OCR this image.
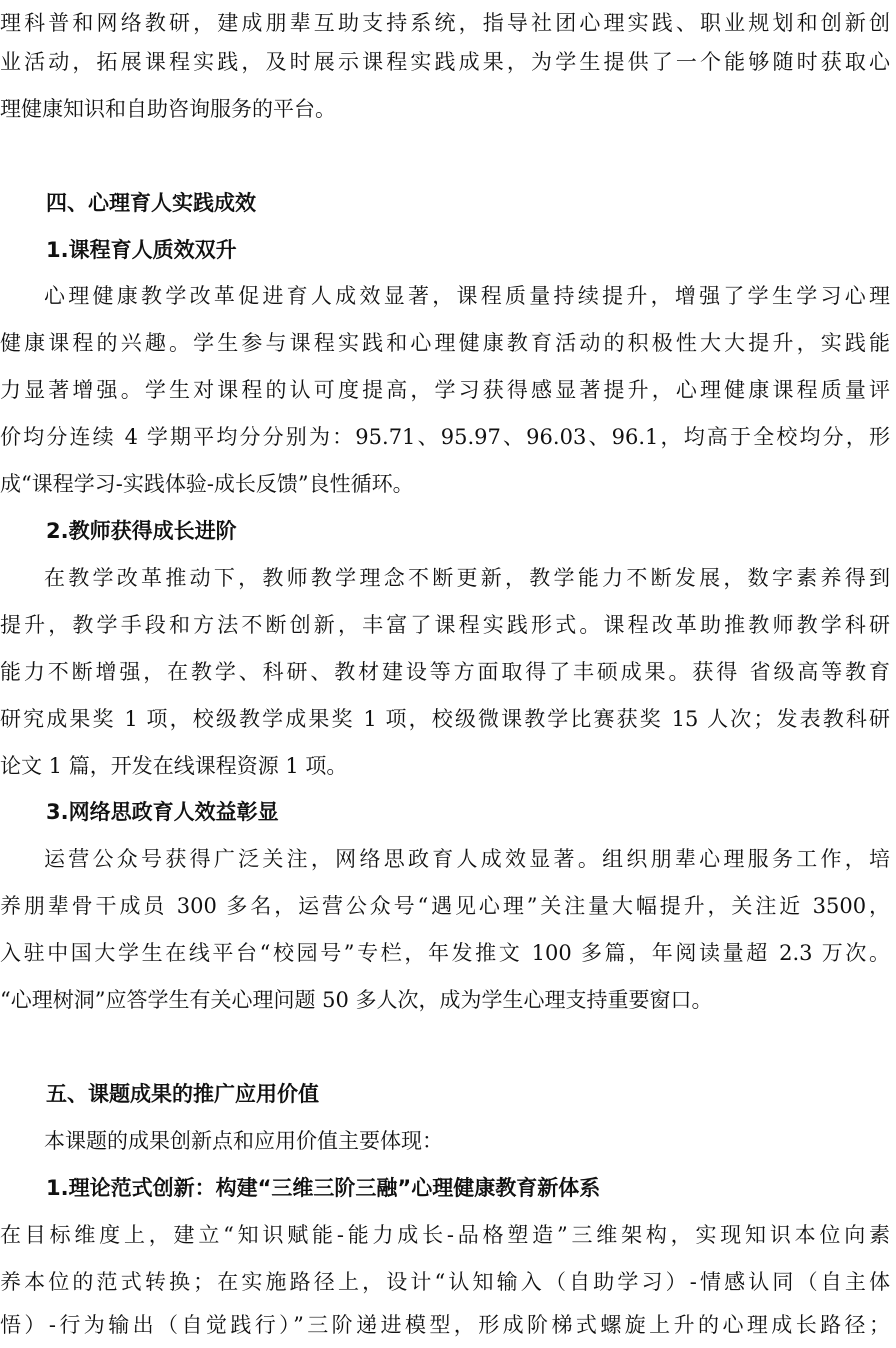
理科普和网络教研，建成朋辈互助支持系统，指导社团心理实践、职业规划和创新创
业活动，拓展课程实践，及时展示课程实践成果，为学生提供了一个能够随时获取心
理健康知识和自助咨询服务的平台。
四、心理育人实践成效
1.课程育人质效双升
心理健康教学改革促进育人成效显著，课程质量持续提升，增强了学生学习心理
健康课程的兴趣。学生参与课程实践和心理健康教育活动的积极性大大提升，实践能
力显著增强。学生对课程的认可度提高，学习获得感显著提升，心理健康课程质量评
价均分连续 4 学期平均分分别为：95.71、95.97、96.03、96.1，均高于全校均分，形
成“课程学习-实践体验-成长反馈”良性循环。
2.教师获得成长进阶
在教学改革推动下，教师教学理念不断更新，教学能力不断发展，数字素养得到
提升，教学手段和方法不断创新，丰富了课程实践形式。课程改革助推教师教学科研
能力不断增强，在教学、科研、教材建设等方面取得了丰硕成果。获得 省级高等教育
研究成果奖 1 项，校级教学成果奖 1 项，校级微课教学比赛获奖 15 人次；发表教科研
论文 1 篇，开发在线课程资源 1 项。
3.网络思政育人效益彰显
运营公众号获得广泛关注，网络思政育人成效显著。组织朋辈心理服务工作，培
养朋辈骨干成员 300 多名，运营公众号“遇见心理”关注量大幅提升，关注近 3500，
入驻中国大学生在线平台“校园号”专栏，年发推文 100 多篇，年阅读量超 2.3 万次。
“心理树洞”应答学生有关心理问题 50 多人次，成为学生心理支持重要窗口。
五、课题成果的推广应用价值
本课题的成果创新点和应用价值主要体现：
1.理论范式创新：构建“三维三阶三融”心理健康教育新体系
在目标维度上，建立“知识赋能-能力成长-品格塑造”三维架构，实现知识本位向素
养本位的范式转换；在实施路径上，设计“认知输入（自助学习）-情感认同（自主体
悟）-行为输出（自觉践行）”三阶递进模型，形成阶梯式螺旋上升的心理成长路径；
